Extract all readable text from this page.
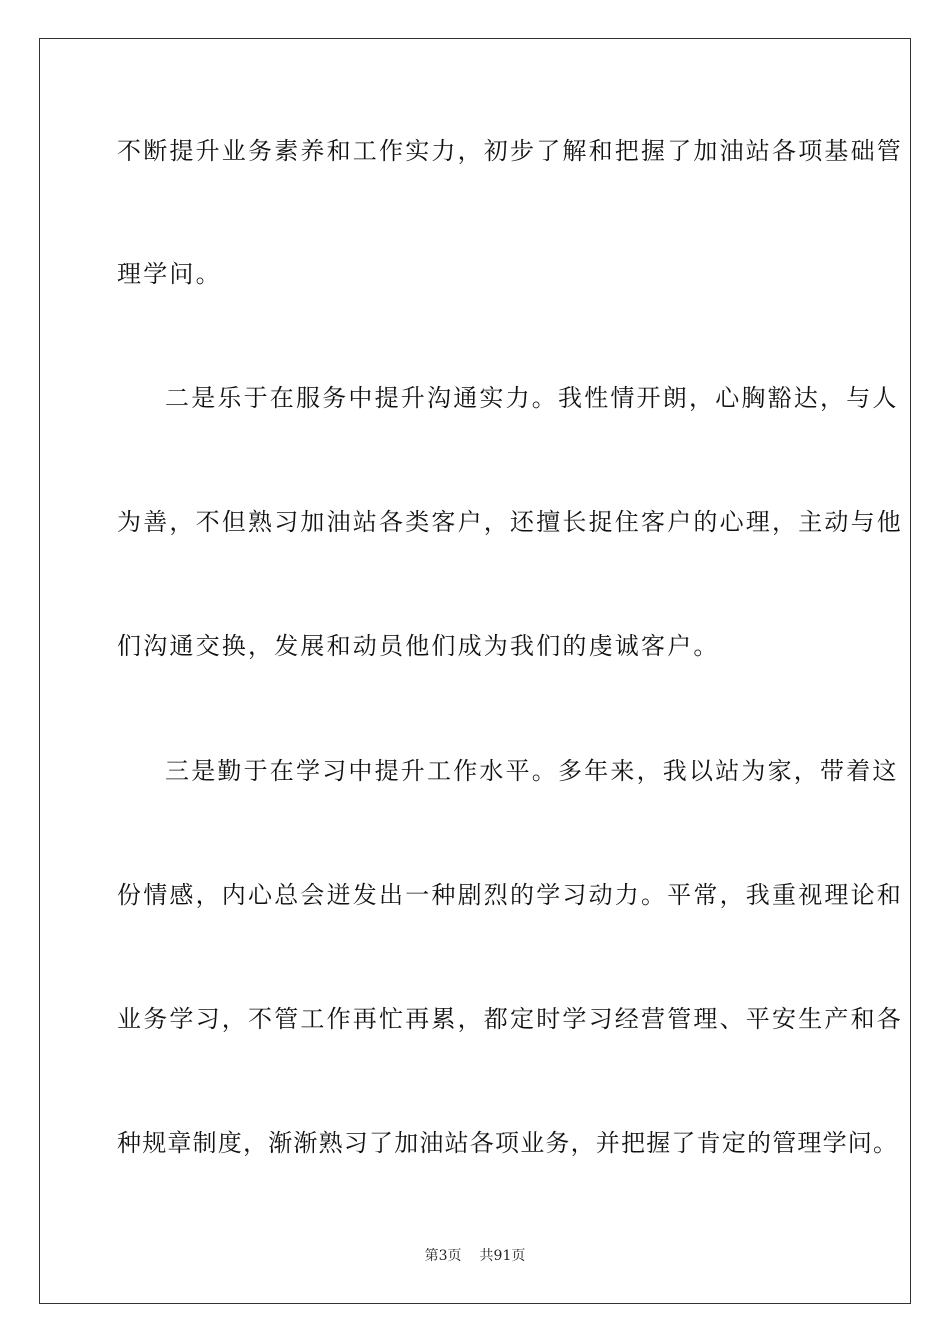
不断提升业务素养和工作实力，初步了解和把握了加油站各项基础管
理学问。
二是乐于在服务中提升沟通实力。我性情开朗，心胸豁达，与人
为善，不但熟习加油站各类客户，还擅长捉住客户的心理，主动与他
们沟通交换，发展和动员他们成为我们的虔诚客户。
三是勤于在学习中提升工作水平。多年来，我以站为家，带着这
份情感，内心总会迸发出一种剧烈的学习动力。平常，我重视理论和
业务学习，不管工作再忙再累，都定时学习经营管理、平安生产和各
种规章制度，渐渐熟习了加油站各项业务，并把握了肯定的管理学问。
第3页 共91页
